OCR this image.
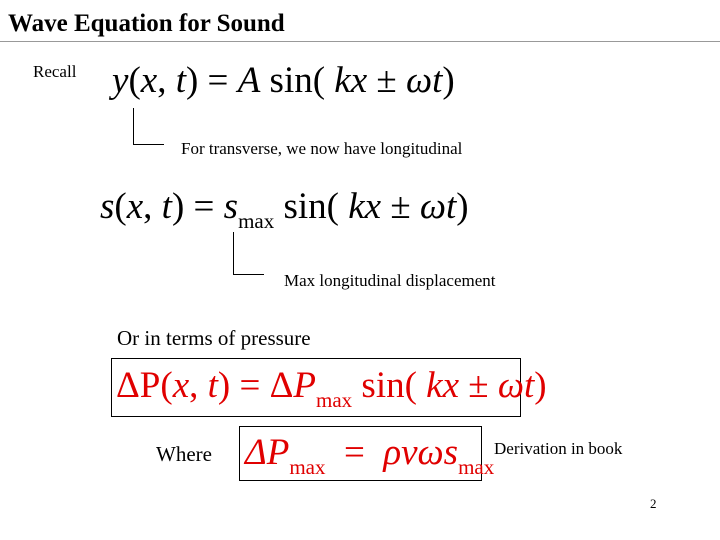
Wave Equation for Sound
Recall y(x, t) = A sin( kx ± ωt)
For transverse, we now have longitudinal
s(x, $t) = s_{max}$ sin( kx ± ωt)
Max longitudinal displacement
Or in terms of pressure
ΔP(x, $t) = \Delta P_{max}$ sin( kx ± ωt)
Where $\Delta P_{max} = \rho v\omega s_{max}$
Derivation in book
2
